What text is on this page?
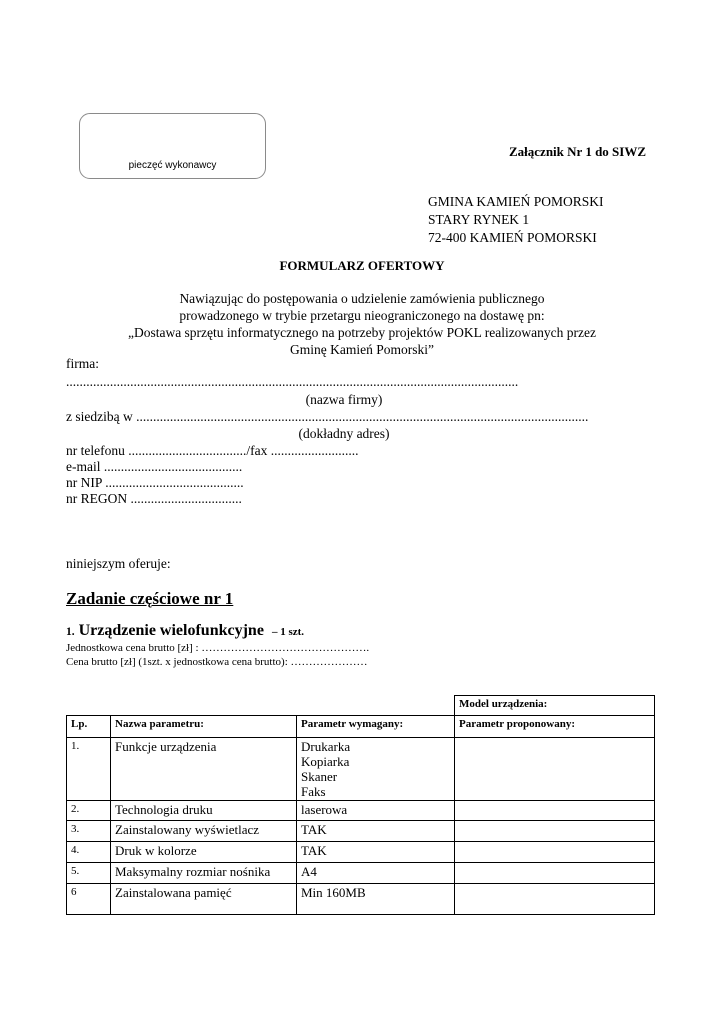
pieczęć wykonawcy
Załącznik Nr 1 do SIWZ
GMINA KAMIEŃ POMORSKI
STARY RYNEK 1
72-400 KAMIEŃ POMORSKI
FORMULARZ OFERTOWY
Nawiązując do postępowania o udzielenie zamówienia publicznego
prowadzonego w trybie przetargu nieograniczonego na dostawę pn:
„Dostawa sprzętu informatycznego na potrzeby projektów POKL realizowanych przez
Gminę Kamień Pomorski”
firma:
......................................................................................................................................
(nazwa firmy)
z siedzibą w ......................................................................................................................................
(dokładny adres)
nr telefonu .................................../fax ..........................
e-mail .........................................
nr NIP .........................................
nr REGON .................................
niniejszym oferuje:
Zadanie częściowe nr 1
1. Urządzenie wielofunkcyjne – 1 szt.
Jednostkowa cena brutto [zł] : ……………………………………….
Cena brutto [zł] (1szt. x jednostkowa cena brutto): …………………
			Model urządzenia:
Lp.	Nazwa parametru:	Parametr wymagany:	Parametr proponowany:
1.	Funkcje urządzenia	Drukarka
Kopiarka
Skaner
Faks	

2.	Technologia druku	laserowa	
3.	Zainstalowany wyświetlacz	TAK	
4.	Druk w kolorze	TAK	
5.	Maksymalny rozmiar nośnika	A4	
6	Zainstalowana pamięć	Min 160MB	
